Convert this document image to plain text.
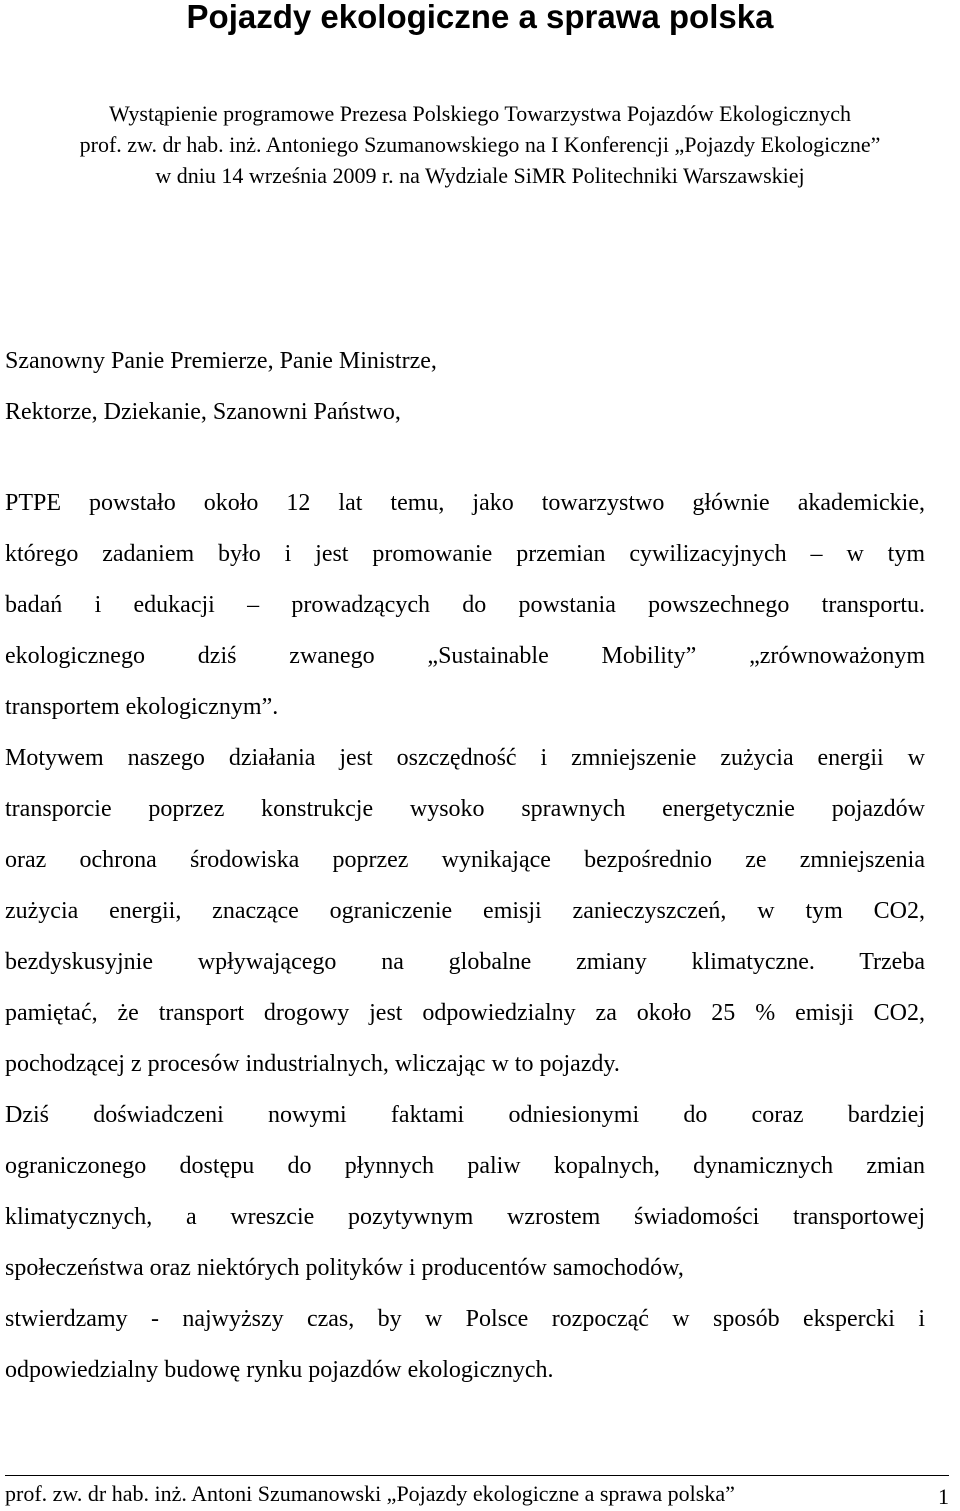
Pojazdy ekologiczne a sprawa polska
Wystąpienie programowe Prezesa Polskiego Towarzystwa Pojazdów Ekologicznych
prof. zw. dr hab. inż. Antoniego Szumanowskiego na I Konferencji „Pojazdy Ekologiczne”
w dniu 14 września 2009 r. na Wydziale SiMR Politechniki Warszawskiej
Szanowny Panie Premierze, Panie Ministrze,
Rektorze, Dziekanie, Szanowni Państwo,
PTPE powstało około 12 lat temu, jako towarzystwo głównie akademickie,
którego zadaniem było i jest promowanie przemian cywilizacyjnych – w tym
badań i edukacji – prowadzących do powstania powszechnego transportu.
ekologicznego dziś zwanego „Sustainable Mobility” „zrównoważonym
transportem ekologicznym”.
Motywem naszego działania jest oszczędność i zmniejszenie zużycia energii w
transporcie poprzez konstrukcje wysoko sprawnych energetycznie pojazdów
oraz ochrona środowiska poprzez wynikające bezpośrednio ze zmniejszenia
zużycia energii, znaczące ograniczenie emisji zanieczyszczeń, w tym CO2,
bezdyskusyjnie wpływającego na globalne zmiany klimatyczne. Trzeba
pamiętać, że transport drogowy jest odpowiedzialny za około 25 % emisji CO2,
pochodzącej z procesów industrialnych, wliczając w to pojazdy.
Dziś doświadczeni nowymi faktami odniesionymi do coraz bardziej
ograniczonego dostępu do płynnych paliw kopalnych, dynamicznych zmian
klimatycznych, a wreszcie pozytywnym wzrostem świadomości transportowej
społeczeństwa oraz niektórych polityków i producentów samochodów,
stwierdzamy - najwyższy czas, by w Polsce rozpocząć w sposób ekspercki i
odpowiedzialny budowę rynku pojazdów ekologicznych.
prof. zw. dr hab. inż. Antoni Szumanowski „Pojazdy ekologiczne a sprawa polska”	1
